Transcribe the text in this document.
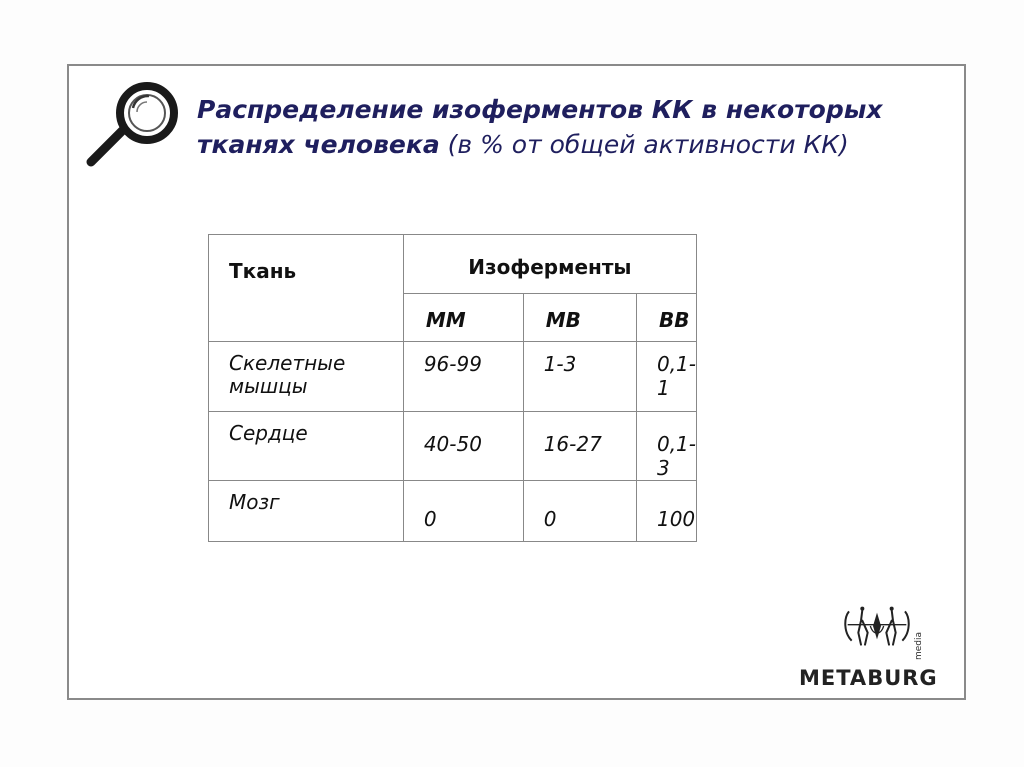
Распределение изоферментов КК в некоторых
тканях человека (в % от общей активности КК)
Ткань	Изоферменты		
	ММ	МВ	ВВ
Скелетные мышцы	96-99	1-3	0,1-1
Сердце	40-50	16-27	0,1-3
Мозг	0	0	100
METABURG
media
